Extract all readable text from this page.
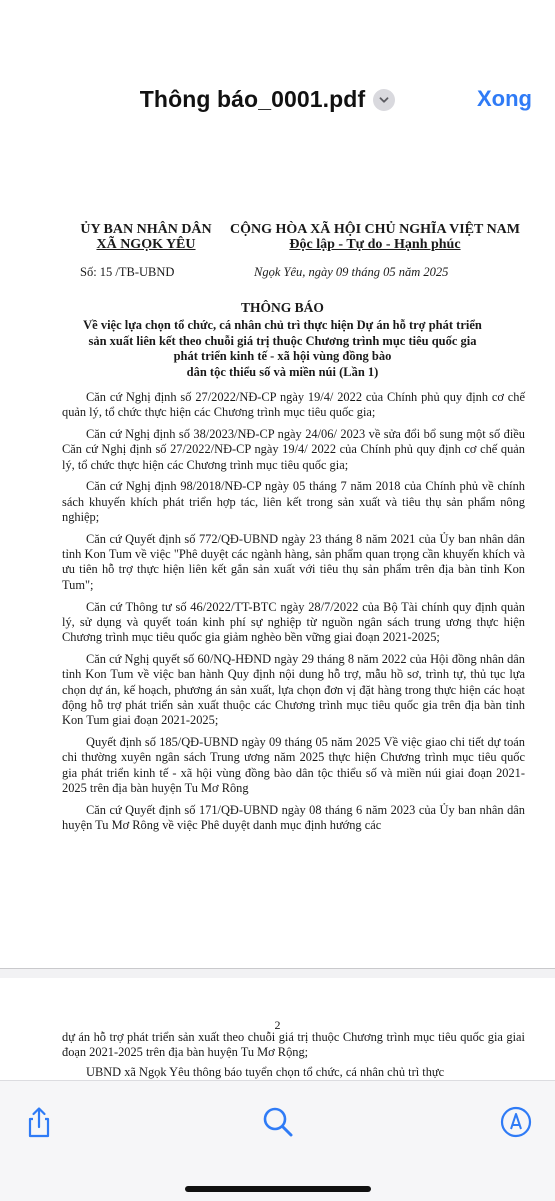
Thông báo_0001.pdf	Xong
ỦY BAN NHÂN DÂN
XÃ NGỌK YÊU
CỘNG HÒA XÃ HỘI CHỦ NGHĨA VIỆT NAM
Độc lập - Tự do - Hạnh phúc
Số: 15 /TB-UBND	Ngọk Yêu, ngày 09 tháng 05 năm 2025
THÔNG BÁO
Về việc lựa chọn tổ chức, cá nhân chủ trì thực hiện Dự án hỗ trợ phát triển
sản xuất liên kết theo chuỗi giá trị thuộc Chương trình mục tiêu quốc gia
phát triển kinh tế - xã hội vùng đồng bào
dân tộc thiểu số và miền núi (Lần 1)

Căn cứ Nghị định số 27/2022/NĐ-CP ngày 19/4/ 2022 của Chính phủ quy định cơ chế quản lý, tổ chức thực hiện các Chương trình mục tiêu quốc gia;

Căn cứ Nghị định số 38/2023/NĐ-CP ngày 24/06/ 2023 về sửa đổi bổ sung một số điều Căn cứ Nghị định số 27/2022/NĐ-CP ngày 19/4/ 2022 của Chính phủ quy định cơ chế quản lý, tổ chức thực hiện các Chương trình mục tiêu quốc gia;

Căn cứ Nghị định 98/2018/NĐ-CP ngày 05 tháng 7 năm 2018 của Chính phủ về chính sách khuyến khích phát triển hợp tác, liên kết trong sản xuất và tiêu thụ sản phẩm nông nghiệp;

Căn cứ Quyết định số 772/QĐ-UBND ngày 23 tháng 8 năm 2021 của Ủy ban nhân dân tỉnh Kon Tum về việc "Phê duyệt các ngành hàng, sản phẩm quan trọng cần khuyến khích và ưu tiên hỗ trợ thực hiện liên kết gắn sản xuất với tiêu thụ sản phẩm trên địa bàn tỉnh Kon Tum";

Căn cứ Thông tư số 46/2022/TT-BTC ngày 28/7/2022 của Bộ Tài chính quy định quản lý, sử dụng và quyết toán kinh phí sự nghiệp từ nguồn ngân sách trung ương thực hiện Chương trình mục tiêu quốc gia giảm nghèo bền vững giai đoạn 2021-2025;

Căn cứ Nghị quyết số 60/NQ-HĐND ngày 29 tháng 8 năm 2022 của Hội đồng nhân dân tỉnh Kon Tum về việc ban hành Quy định nội dung hỗ trợ, mẫu hồ sơ, trình tự, thủ tục lựa chọn dự án, kế hoạch, phương án sản xuất, lựa chọn đơn vị đặt hàng trong thực hiện các hoạt động hỗ trợ phát triển sản xuất thuộc các Chương trình mục tiêu quốc gia trên địa bàn tỉnh Kon Tum giai đoạn 2021-2025;

Quyết định số 185/QĐ-UBND ngày 09 tháng 05 năm 2025 Về việc giao chi tiết dự toán chi thường xuyên ngân sách Trung ương năm 2025 thực hiện Chương trình mục tiêu quốc gia phát triển kinh tế - xã hội vùng đồng bào dân tộc thiểu số và miền núi giai đoạn 2021-2025 trên địa bàn huyện Tu Mơ Rông

Căn cứ Quyết định số 171/QĐ-UBND ngày 08 tháng 6 năm 2023 của Ủy ban nhân dân huyện Tu Mơ Rông về việc Phê duyệt danh mục định hướng các

2

dự án hỗ trợ phát triển sản xuất theo chuỗi giá trị thuộc Chương trình mục tiêu quốc gia giai đoạn 2021-2025 trên địa bàn huyện Tu Mơ Rộng;

UBND xã Ngọk Yêu thông báo tuyển chọn tổ chức, cá nhân chủ trì thực
